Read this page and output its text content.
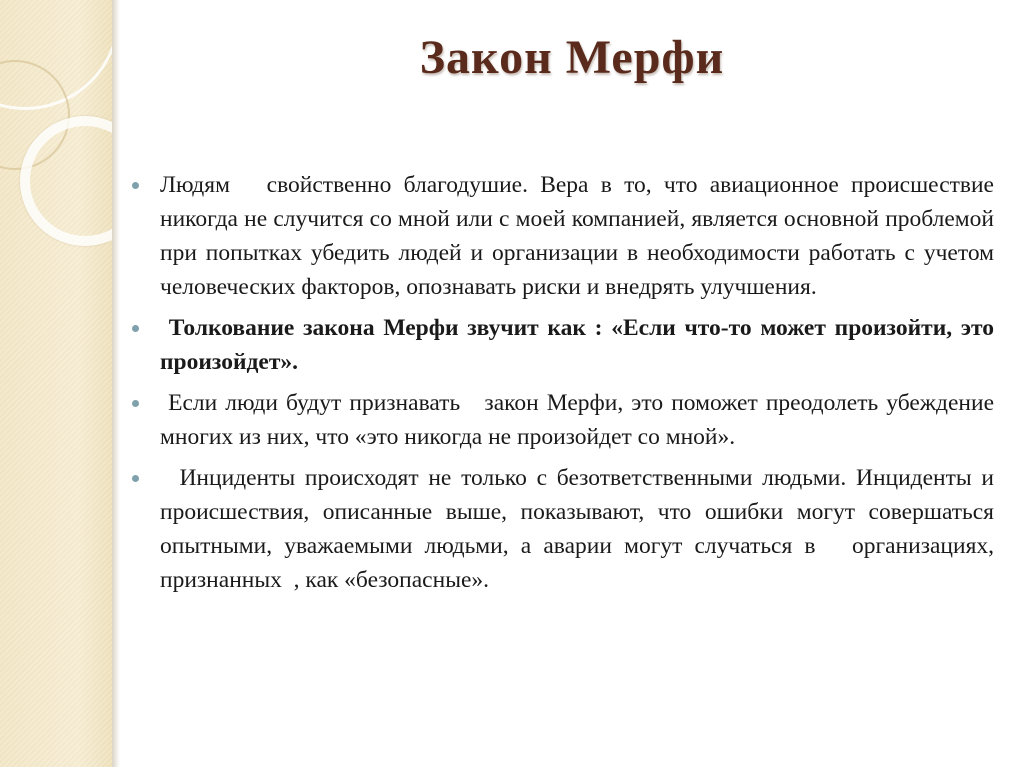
Закон Мерфи
Людям   свойственно благодушие. Вера в то, что авиационное происшествие  никогда не случится со мной или с моей компанией, является основной проблемой при попытках убедить людей и организации в необходимости работать с учетом человеческих факторов, опознавать риски и внедрять улучшения.
Толкование закона Мерфи звучит как : «Если что-то может произойти, это произойдет».
Если люди будут признавать   закон Мерфи, это поможет преодолеть убеждение многих из них, что «это никогда не произойдет со мной».
Инциденты происходят не только с безответственными людьми. Инциденты и происшествия, описанные выше, показывают, что ошибки могут совершаться  опытными, уважаемыми людьми, а аварии могут случаться в   организациях,   признанных  , как «безопасные».
